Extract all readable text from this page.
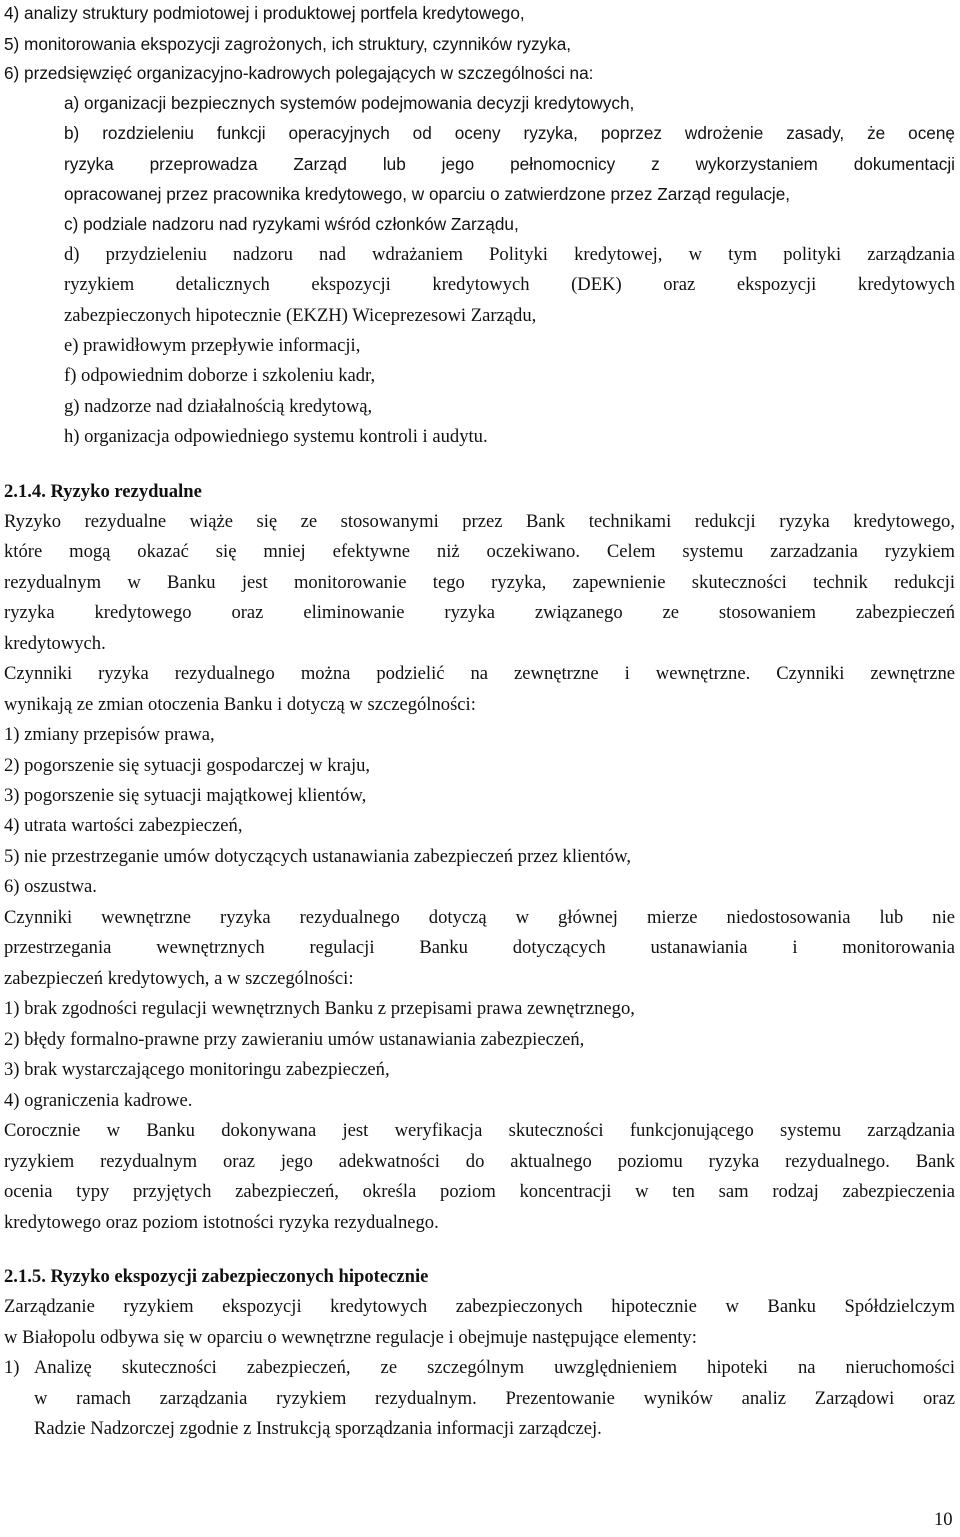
4) analizy struktury podmiotowej i produktowej portfela kredytowego,
5) monitorowania ekspozycji zagrożonych, ich struktury, czynników ryzyka,
6) przedsięwzięć organizacyjno-kadrowych polegających w szczególności na:
a) organizacji bezpiecznych systemów podejmowania decyzji kredytowych,
b) rozdzieleniu funkcji operacyjnych od oceny ryzyka, poprzez wdrożenie zasady, że ocenę
ryzyka przeprowadza Zarząd lub jego pełnomocnicy z wykorzystaniem dokumentacji
opracowanej przez pracownika kredytowego, w oparciu o zatwierdzone przez Zarząd regulacje,
c) podziale nadzoru nad ryzykami wśród członków Zarządu,
d) przydzieleniu nadzoru nad wdrażaniem Polityki kredytowej, w tym polityki zarządzania
ryzykiem detalicznych ekspozycji kredytowych (DEK) oraz ekspozycji kredytowych
zabezpieczonych hipotecznie (EKZH) Wiceprezesowi Zarządu,
e) prawidłowym przepływie informacji,
f) odpowiednim doborze i szkoleniu kadr,
g) nadzorze nad działalnością kredytową,
h) organizacja odpowiedniego systemu kontroli i audytu.
2.1.4. Ryzyko rezydualne
Ryzyko rezydualne wiąże się ze stosowanymi przez Bank technikami redukcji ryzyka kredytowego,
które mogą okazać się mniej efektywne niż oczekiwano. Celem systemu zarzadzania ryzykiem
rezydualnym w Banku jest monitorowanie tego ryzyka, zapewnienie skuteczności technik redukcji
ryzyka kredytowego oraz eliminowanie ryzyka związanego ze stosowaniem zabezpieczeń
kredytowych.
Czynniki ryzyka rezydualnego można podzielić na zewnętrzne i wewnętrzne. Czynniki zewnętrzne
wynikają ze zmian otoczenia Banku i dotyczą w szczególności:
1) zmiany przepisów prawa,
2) pogorszenie się sytuacji gospodarczej w kraju,
3) pogorszenie się sytuacji majątkowej klientów,
4) utrata wartości zabezpieczeń,
5) nie przestrzeganie umów dotyczących ustanawiania zabezpieczeń przez klientów,
6) oszustwa.
Czynniki wewnętrzne ryzyka rezydualnego dotyczą w głównej mierze niedostosowania lub nie
przestrzegania wewnętrznych regulacji Banku dotyczących ustanawiania i monitorowania
zabezpieczeń kredytowych, a w szczególności:
1) brak zgodności regulacji wewnętrznych Banku z przepisami prawa zewnętrznego,
2) błędy formalno-prawne przy zawieraniu umów ustanawiania zabezpieczeń,
3) brak wystarczającego monitoringu zabezpieczeń,
4) ograniczenia kadrowe.
Corocznie w Banku dokonywana jest weryfikacja skuteczności funkcjonującego systemu zarządzania
ryzykiem rezydualnym oraz jego adekwatności do aktualnego poziomu ryzyka rezydualnego. Bank
ocenia typy przyjętych zabezpieczeń, określa poziom koncentracji w ten sam rodzaj zabezpieczenia
kredytowego oraz poziom istotności ryzyka rezydualnego.
2.1.5. Ryzyko ekspozycji zabezpieczonych hipotecznie
Zarządzanie ryzykiem ekspozycji kredytowych zabezpieczonych hipotecznie w Banku Spółdzielczym
w Białopolu odbywa się w oparciu o wewnętrzne regulacje i obejmuje następujące elementy:
1) Analizę skuteczności zabezpieczeń, ze szczególnym uwzględnieniem hipoteki na nieruchomości
w ramach zarządzania ryzykiem rezydualnym. Prezentowanie wyników analiz Zarządowi oraz
Radzie Nadzorczej zgodnie z Instrukcją sporządzania informacji zarządczej.
10
